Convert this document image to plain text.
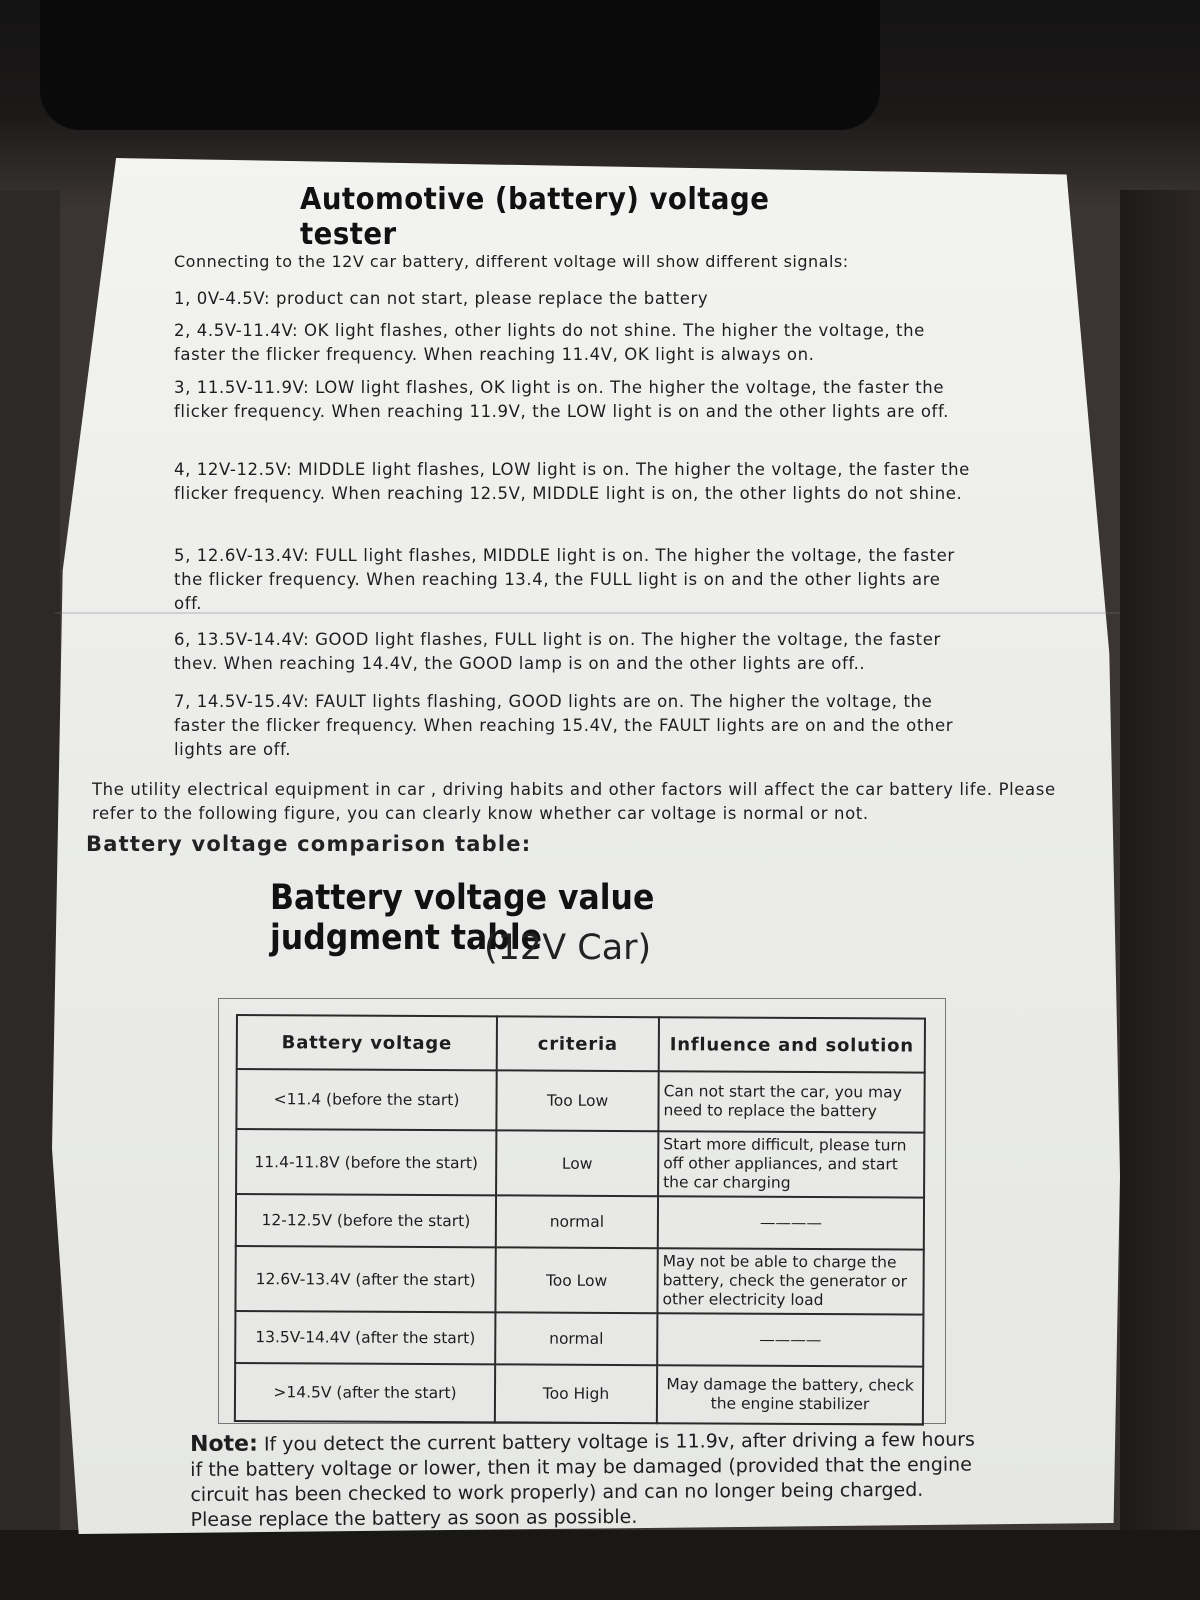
Automotive (battery) voltage tester
Connecting to the 12V car battery, different voltage will show different signals:
1, 0V-4.5V: product can not start, please replace the battery
2, 4.5V-11.4V: OK light flashes, other lights do not shine. The higher the voltage, the faster the flicker frequency. When reaching 11.4V, OK light is always on.
3, 11.5V-11.9V: LOW light flashes, OK light is on. The higher the voltage, the faster the flicker frequency. When reaching 11.9V, the LOW light is on and the other lights are off.
4, 12V-12.5V: MIDDLE light flashes, LOW light is on. The higher the voltage, the faster the flicker frequency. When reaching 12.5V, MIDDLE light is on, the other lights do not shine.
5, 12.6V-13.4V: FULL light flashes, MIDDLE light is on. The higher the voltage, the faster the flicker frequency. When reaching 13.4, the FULL light is on and the other lights are off.
6, 13.5V-14.4V: GOOD light flashes, FULL light is on. The higher the voltage, the faster thev. When reaching 14.4V, the GOOD lamp is on and the other lights are off..
7, 14.5V-15.4V: FAULT lights flashing, GOOD lights are on. The higher the voltage, the faster the flicker frequency. When reaching 15.4V, the FAULT lights are on and the other lights are off.
The utility electrical equipment in car , driving habits and other factors will affect the car battery life. Please refer to the following figure, you can clearly know whether car voltage is normal or not.
Battery voltage comparison table:
Battery voltage value judgment table
(12V Car)
Battery voltage	criteria	Influence and solution
<11.4 (before the start)	Too Low	Can not start the car, you may need to replace the battery
11.4-11.8V (before the start)	Low	Start more difficult, please turn off other appliances, and start the car charging
12-12.5V (before the start)	normal	————
12.6V-13.4V (after the start)	Too Low	May not be able to charge the battery, check the generator or other electricity load
13.5V-14.4V (after the start)	normal	————
>14.5V (after the start)	Too High	May damage the battery, check the engine stabilizer
Note: If you detect the current battery voltage is 11.9v, after driving a few hours if the battery voltage or lower, then it may be damaged (provided that the engine circuit has been checked to work properly) and can no longer being charged. Please replace the battery as soon as possible.
